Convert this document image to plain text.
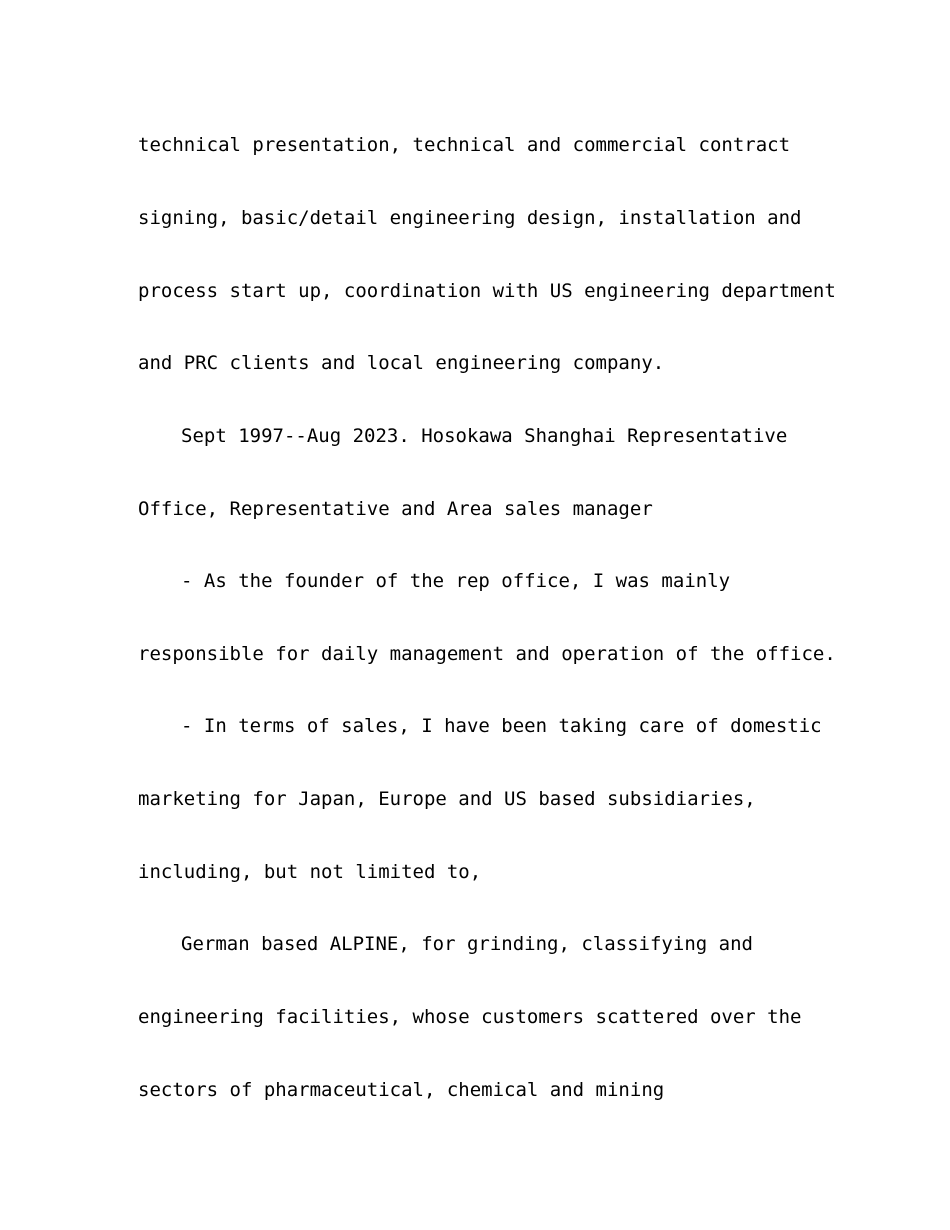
technical presentation, technical and commercial contract
signing, basic/detail engineering design, installation and
process start up, coordination with US engineering department
and PRC clients and local engineering company.
Sept 1997--Aug 2023. Hosokawa Shanghai Representative
Office, Representative and Area sales manager
- As the founder of the rep office, I was mainly
responsible for daily management and operation of the office.
- In terms of sales, I have been taking care of domestic
marketing for Japan, Europe and US based subsidiaries,
including, but not limited to,
German based ALPINE, for grinding, classifying and
engineering facilities, whose customers scattered over the
sectors of pharmaceutical, chemical and mining
